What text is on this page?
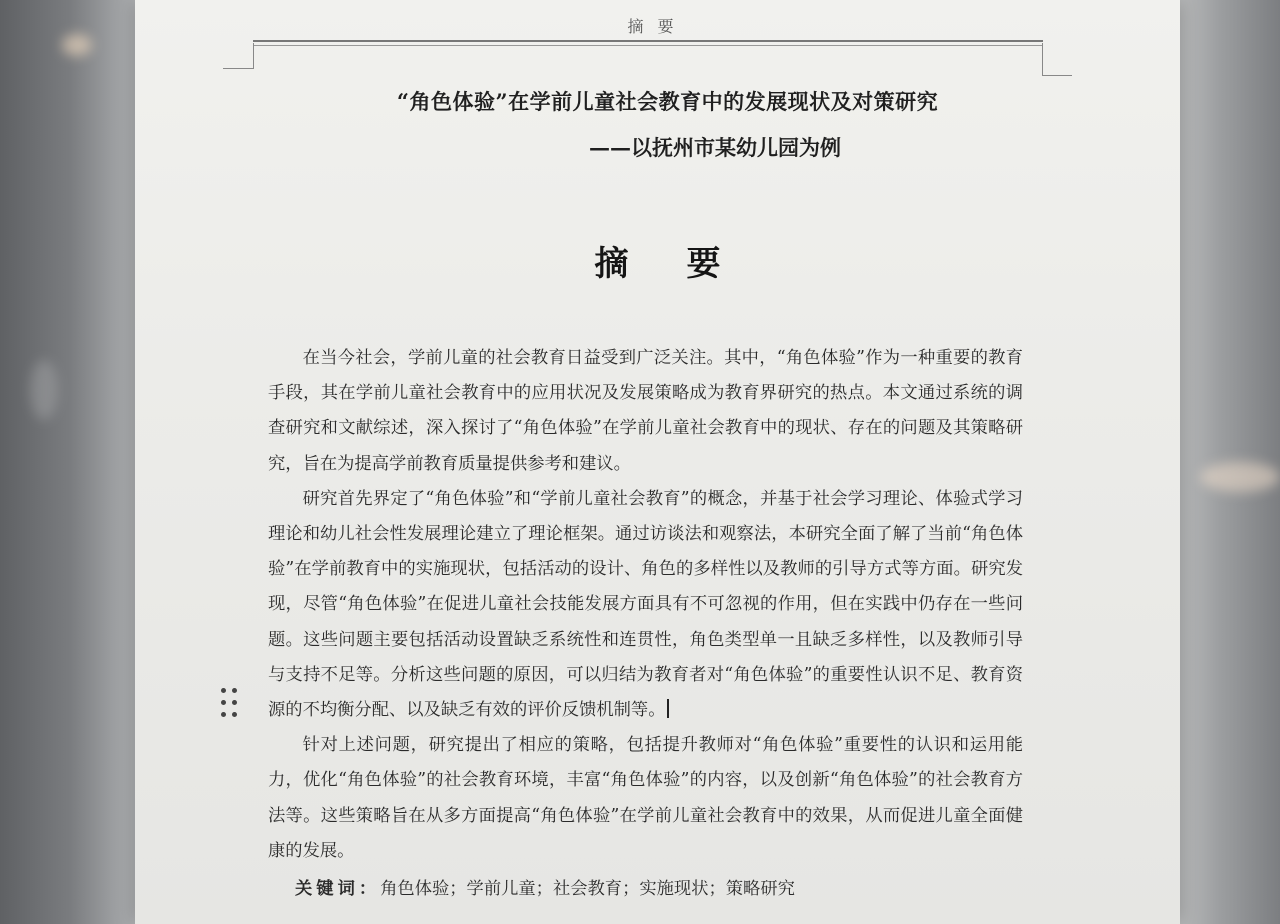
摘要
“角色体验”在学前儿童社会教育中的发展现状及对策研究
——以抚州市某幼儿园为例
摘要

在当今社会，学前儿童的社会教育日益受到广泛关注。其中，“角色体验”作为一种重要的教育手段，其在学前儿童社会教育中的应用状况及发展策略成为教育界研究的热点。本文通过系统的调查研究和文献综述，深入探讨了“角色体验”在学前儿童社会教育中的现状、存在的问题及其策略研究，旨在为提高学前教育质量提供参考和建议。

研究首先界定了“角色体验”和“学前儿童社会教育”的概念，并基于社会学习理论、体验式学习理论和幼儿社会性发展理论建立了理论框架。通过访谈法和观察法，本研究全面了解了当前“角色体验”在学前教育中的实施现状，包括活动的设计、角色的多样性以及教师的引导方式等方面。研究发现，尽管“角色体验”在促进儿童社会技能发展方面具有不可忽视的作用，但在实践中仍存在一些问题。这些问题主要包括活动设置缺乏系统性和连贯性，角色类型单一且缺乏多样性，以及教师引导与支持不足等。分析这些问题的原因，可以归结为教育者对“角色体验”的重要性认识不足、教育资源的不均衡分配、以及缺乏有效的评价反馈机制等。

针对上述问题，研究提出了相应的策略，包括提升教师对“角色体验”重要性的认识和运用能力，优化“角色体验”的社会教育环境，丰富“角色体验”的内容，以及创新“角色体验”的社会教育方法等。这些策略旨在从多方面提高“角色体验”在学前儿童社会教育中的效果，从而促进儿童全面健康的发展。

关键词：角色体验；学前儿童；社会教育；实施现状；策略研究
